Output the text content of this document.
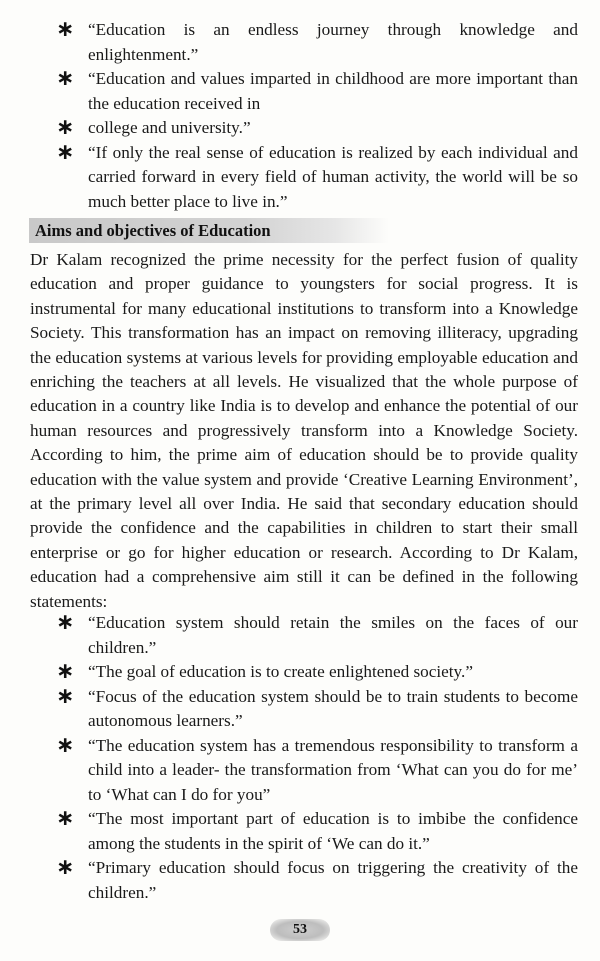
∗ “Education is an endless journey through knowledge and enlightenment.”
∗ “Education and values imparted in childhood are more important than the education received in
∗ college and university.”
∗ “If only the real sense of education is realized by each individual and carried forward in every field of human activity, the world will be so much better place to live in.”
Aims and objectives of Education

Dr Kalam recognized the prime necessity for the perfect fusion of quality education and proper guidance to youngsters for social progress. It is instrumental for many educational institutions to transform into a Knowledge Society. This transformation has an impact on removing illiteracy, upgrading the education systems at various levels for providing employable education and enriching the teachers at all levels. He visualized that the whole purpose of education in a country like India is to develop and enhance the potential of our human resources and progressively transform into a Knowledge Society. According to him, the prime aim of education should be to provide quality education with the value system and provide ‘Creative Learning Environment’, at the primary level all over India. He said that secondary education should provide the confidence and the capabilities in children to start their small enterprise or go for higher education or research. According to Dr Kalam, education had a comprehensive aim still it can be defined in the following statements:

∗ “Education system should retain the smiles on the faces of our children.”
∗ “The goal of education is to create enlightened society.”
∗ “Focus of the education system should be to train students to become autonomous learners.”
∗ “The education system has a tremendous responsibility to transform a child into a leader- the transformation from ‘What can you do for me’ to ‘What can I do for you”
∗ “The most important part of education is to imbibe the confidence among the students in the spirit of ‘We can do it.”
∗ “Primary education should focus on triggering the creativity of the children.”
53
